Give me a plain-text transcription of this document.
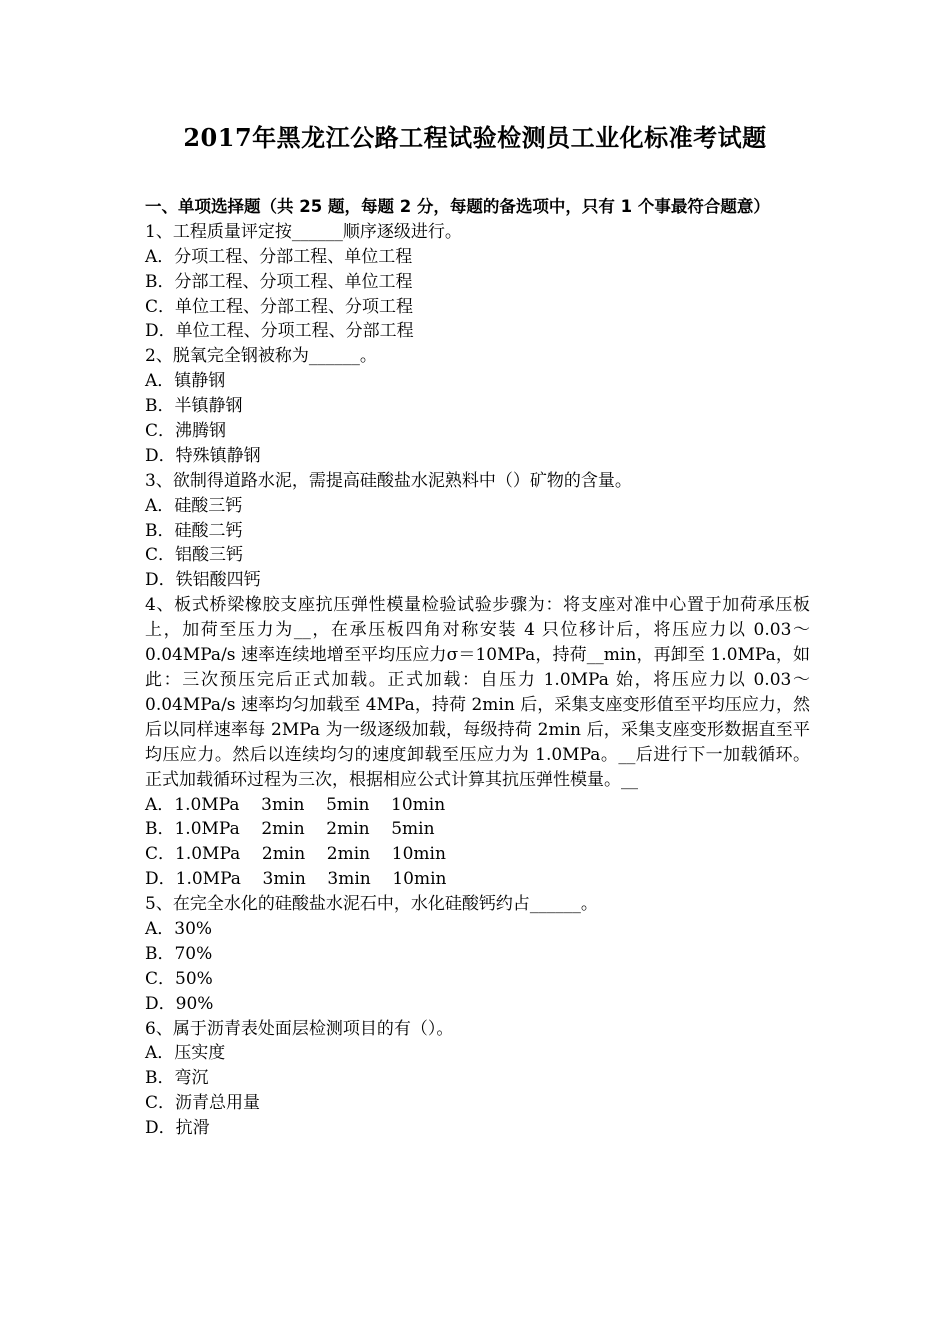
2017年黑龙江公路工程试验检测员工业化标准考试题
一、单项选择题（共 25 题，每题 2 分，每题的备选项中，只有 1 个事最符合题意）
1、工程质量评定按______顺序逐级进行。
A．分项工程、分部工程、单位工程
B．分部工程、分项工程、单位工程
C．单位工程、分部工程、分项工程
D．单位工程、分项工程、分部工程
2、脱氧完全钢被称为______。
A．镇静钢
B．半镇静钢
C．沸腾钢
D．特殊镇静钢
3、欲制得道路水泥，需提高硅酸盐水泥熟料中（）矿物的含量。
A．硅酸三钙
B．硅酸二钙
C．铝酸三钙
D．铁铝酸四钙
4、板式桥梁橡胶支座抗压弹性模量检验试验步骤为：将支座对准中心置于加荷承压板上，加荷至压力为__，在承压板四角对称安装 4 只位移计后，将压应力以 0.03～ 0.04MPa/s 速率连续地增至平均压应力σ＝10MPa，持荷__min，再卸至 1.0MPa，如此：三次预压完后正式加载。正式加载：自压力 1.0MPa 始，将压应力以 0.03～0.04MPa/s 速率均匀加载至 4MPa，持荷 2min 后，采集支座变形值至平均压应力，然后以同样速率每 2MPa 为一级逐级加载，每级持荷 2min 后，采集支座变形数据直至平均压应力。然后以连续均匀的速度卸载至压应力为 1.0MPa。__后进行下一加载循环。正式加载循环过程为三次，根据相应公式计算其抗压弹性模量。__
A．1.0MPa    3min    5min    10min
B．1.0MPa    2min    2min    5min
C．1.0MPa    2min    2min    10min
D．1.0MPa    3min    3min    10min
5、在完全水化的硅酸盐水泥石中，水化硅酸钙约占______。
A．30%
B．70%
C．50%
D．90%
6、属于沥青表处面层检测项目的有（）。
A．压实度
B．弯沉
C．沥青总用量
D．抗滑
